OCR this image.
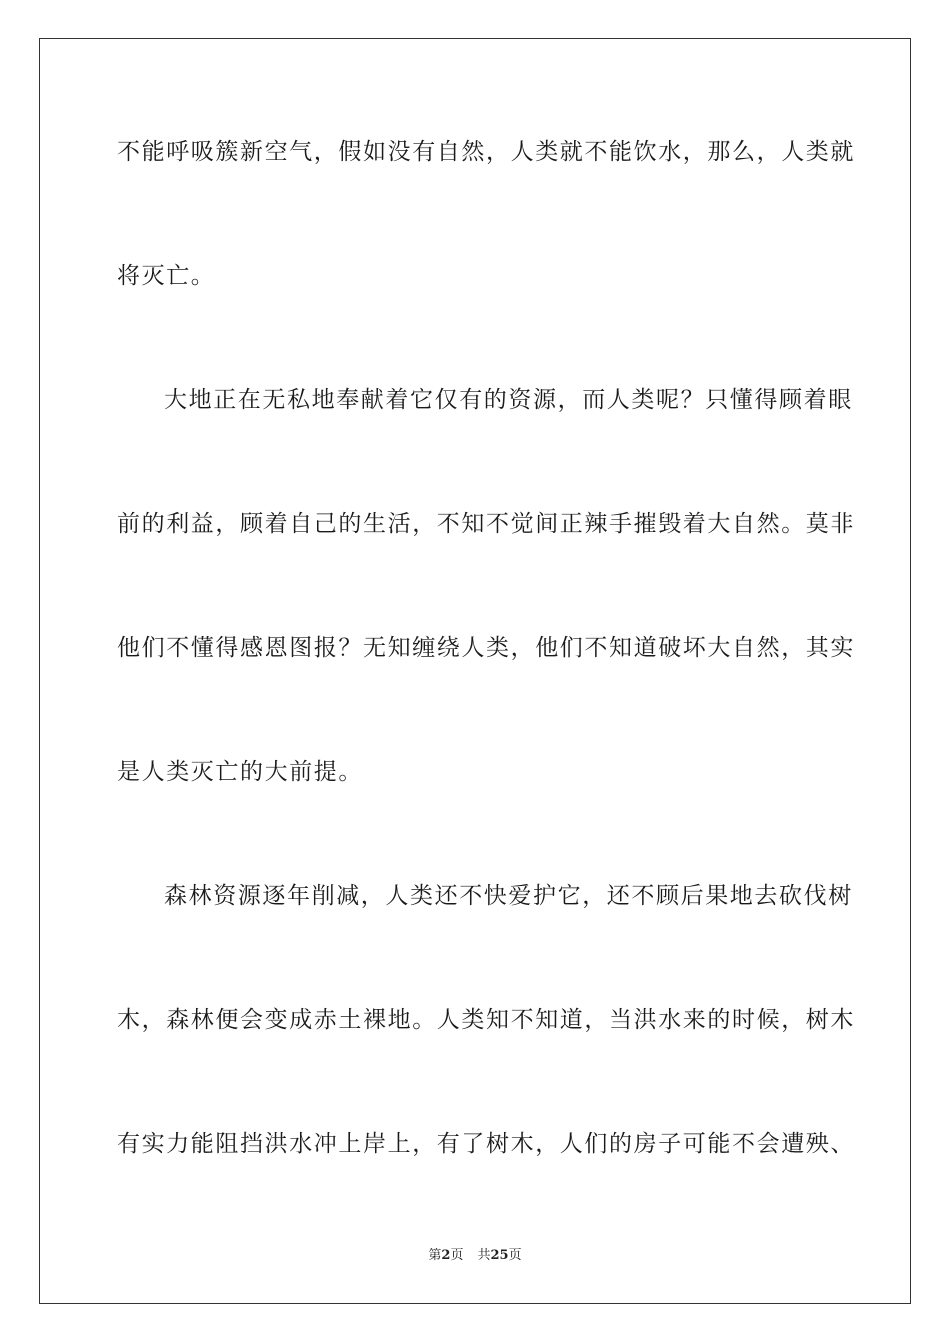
不能呼吸簇新空气，假如没有自然，人类就不能饮水，那么，人类就
将灭亡。
大地正在无私地奉献着它仅有的资源，而人类呢？只懂得顾着眼
前的利益，顾着自己的生活，不知不觉间正辣手摧毁着大自然。莫非
他们不懂得感恩图报？无知缠绕人类，他们不知道破坏大自然，其实
是人类灭亡的大前提。
森林资源逐年削减，人类还不快爱护它，还不顾后果地去砍伐树
木，森林便会变成赤土裸地。人类知不知道，当洪水来的时候，树木
有实力能阻挡洪水冲上岸上，有了树木，人们的房子可能不会遭殃、
第2页 共25页
